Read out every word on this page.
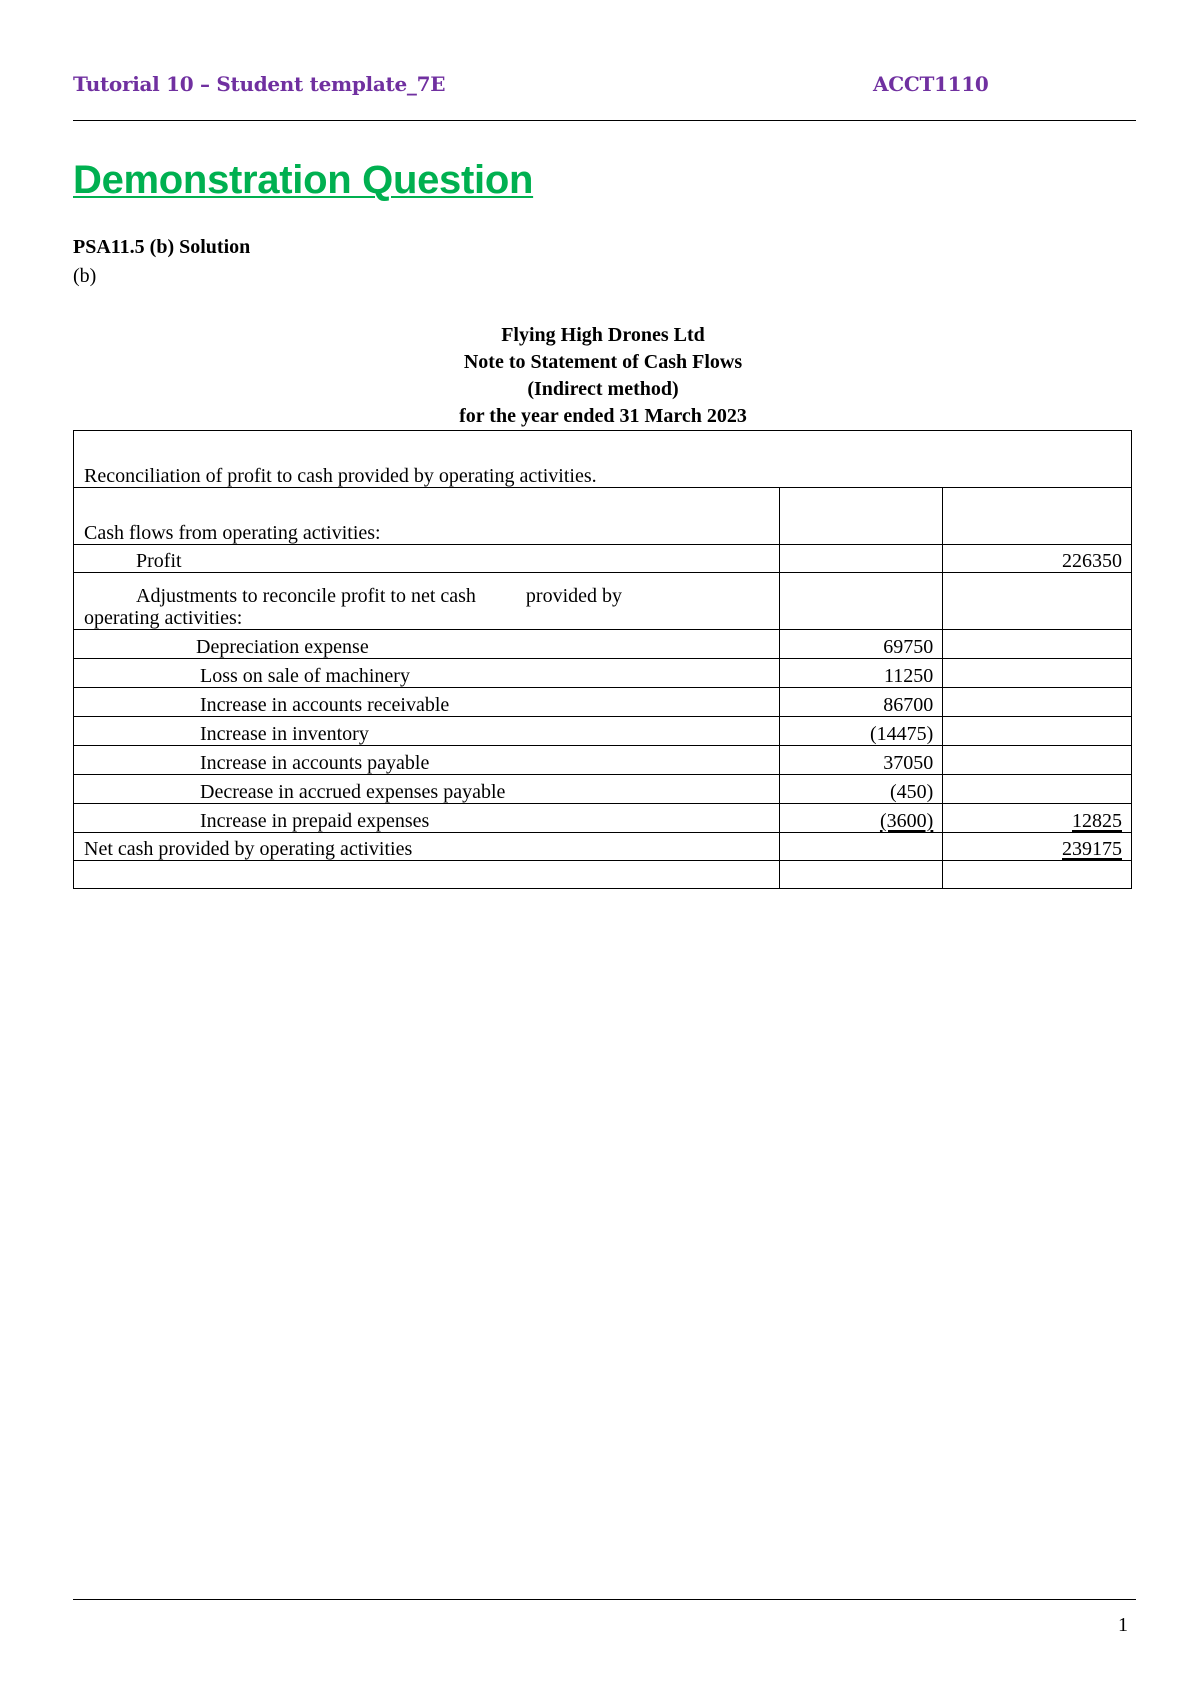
Tutorial 10 – Student template_7E	ACCT1110
Demonstration Question
PSA11.5 (b) Solution
(b)
Flying High Drones Ltd
Note to Statement of Cash Flows
(Indirect method)
for the year ended 31 March 2023
Reconciliation of profit to cash provided by operating activities.		
Cash flows from operating activities:		
Profit		226350

Adjustments to reconcile profit to net cash          provided by
operating activities:		

Depreciation expense	69750	
Loss on sale of machinery	11250	
Increase in accounts receivable	86700	
Increase in inventory	(14475)	
Increase in accounts payable	37050	
Decrease in accrued expenses payable	(450)	
Increase in prepaid expenses	(3600)	12825
Net cash provided by operating activities		239175

1
